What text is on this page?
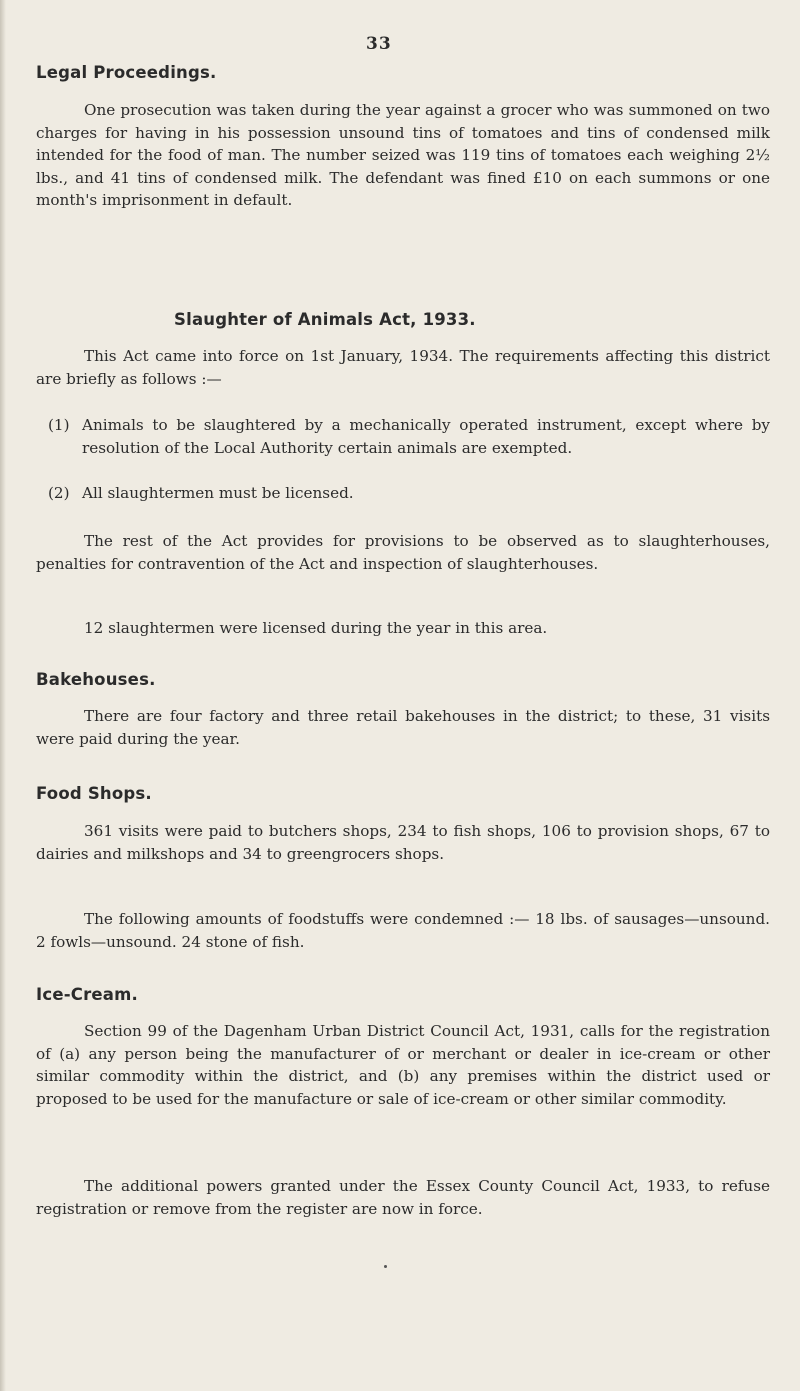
33
Legal Proceedings.
One prosecution was taken during the year against a grocer who was summoned on two charges for having in his possession unsound tins of tomatoes and tins of condensed milk intended for the food of man. The number seized was 119 tins of tomatoes each weighing 2½ lbs., and 41 tins of condensed milk. The defendant was fined £10 on each summons or one month's imprisonment in default.
Slaughter of Animals Act, 1933.
This Act came into force on 1st January, 1934. The requirements affecting this district are briefly as follows :—
(1) Animals to be slaughtered by a mechanically operated instrument, except where by resolution of the Local Authority certain animals are exempted.
(2) All slaughtermen must be licensed.
The rest of the Act provides for provisions to be observed as to slaughterhouses, penalties for contravention of the Act and inspection of slaughterhouses.
12 slaughtermen were licensed during the year in this area.
Bakehouses.
There are four factory and three retail bakehouses in the district; to these, 31 visits were paid during the year.
Food Shops.
361 visits were paid to butchers shops, 234 to fish shops, 106 to provision shops, 67 to dairies and milkshops and 34 to greengrocers shops.
The following amounts of foodstuffs were condemned :— 18 lbs. of sausages—unsound. 2 fowls—unsound. 24 stone of fish.
Ice-Cream.
Section 99 of the Dagenham Urban District Council Act, 1931, calls for the registration of (a) any person being the manufacturer of or merchant or dealer in ice-cream or other similar commodity within the district, and (b) any premises within the district used or proposed to be used for the manufacture or sale of ice-cream or other similar commodity.
The additional powers granted under the Essex County Council Act, 1933, to refuse registration or remove from the register are now in force.
